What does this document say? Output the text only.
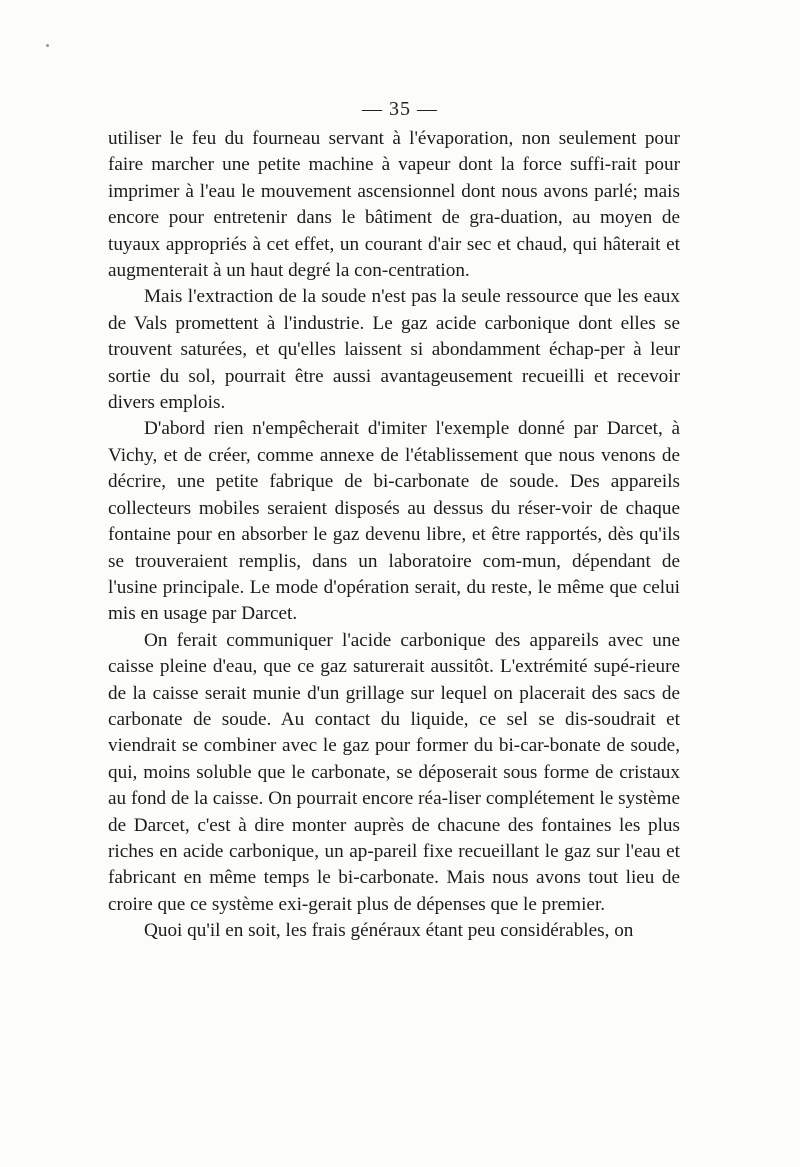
— 35 —

utiliser le feu du fourneau servant à l'évaporation, non seulement pour faire marcher une petite machine à vapeur dont la force suffi-rait pour imprimer à l'eau le mouvement ascensionnel dont nous avons parlé; mais encore pour entretenir dans le bâtiment de gra-duation, au moyen de tuyaux appropriés à cet effet, un courant d'air sec et chaud, qui hâterait et augmenterait à un haut degré la con-centration.

Mais l'extraction de la soude n'est pas la seule ressource que les eaux de Vals promettent à l'industrie. Le gaz acide carbonique dont elles se trouvent saturées, et qu'elles laissent si abondamment échap-per à leur sortie du sol, pourrait être aussi avantageusement recueilli et recevoir divers emplois.

D'abord rien n'empêcherait d'imiter l'exemple donné par Darcet, à Vichy, et de créer, comme annexe de l'établissement que nous venons de décrire, une petite fabrique de bi-carbonate de soude. Des appareils collecteurs mobiles seraient disposés au dessus du réser-voir de chaque fontaine pour en absorber le gaz devenu libre, et être rapportés, dès qu'ils se trouveraient remplis, dans un laboratoire com-mun, dépendant de l'usine principale. Le mode d'opération serait, du reste, le même que celui mis en usage par Darcet.

On ferait communiquer l'acide carbonique des appareils avec une caisse pleine d'eau, que ce gaz saturerait aussitôt. L'extrémité supé-rieure de la caisse serait munie d'un grillage sur lequel on placerait des sacs de carbonate de soude. Au contact du liquide, ce sel se dis-soudrait et viendrait se combiner avec le gaz pour former du bi-car-bonate de soude, qui, moins soluble que le carbonate, se déposerait sous forme de cristaux au fond de la caisse. On pourrait encore réa-liser complétement le système de Darcet, c'est à dire monter auprès de chacune des fontaines les plus riches en acide carbonique, un ap-pareil fixe recueillant le gaz sur l'eau et fabricant en même temps le bi-carbonate. Mais nous avons tout lieu de croire que ce système exi-gerait plus de dépenses que le premier.

Quoi qu'il en soit, les frais généraux étant peu considérables, on
